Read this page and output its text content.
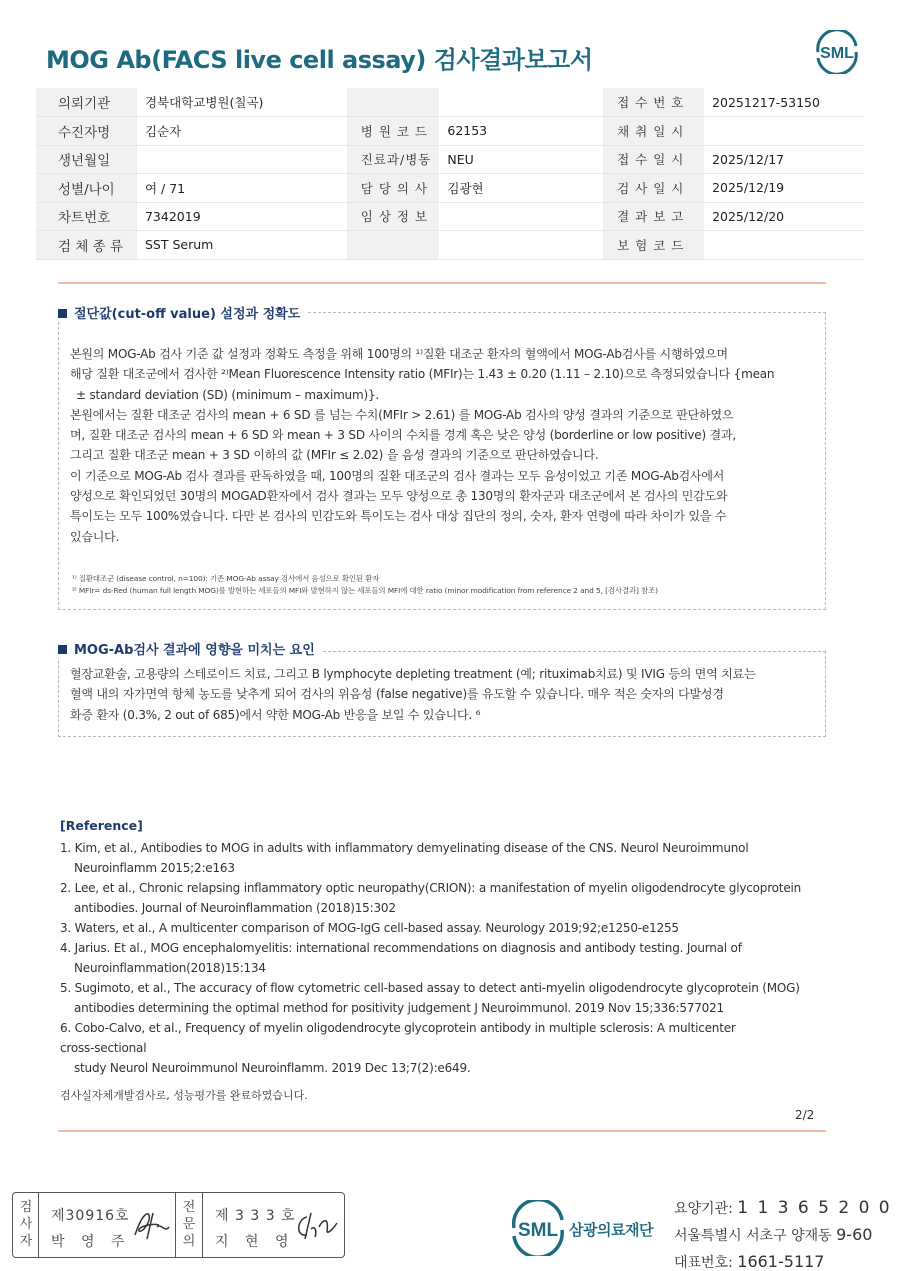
MOG Ab(FACS live cell assay) 검사결과보고서	SML
의뢰기관	경북대학교병원(칠곡)			접 수 번 호	20251217-53150
수진자명	김순자	병 원 코 드	62153	채 취 일 시	
생년월일		진료과/병동	NEU	접 수 일 시	2025/12/17
성별/나이	여 / 71	담 당 의 사	김광현	검 사 일 시	2025/12/19
차트번호	7342019	임 상 정 보		결 과 보 고	2025/12/20
검 체 종 류	SST Serum			보 험 코 드	
절단값(cut-off value) 설정과 정확도
본원의 MOG-Ab 검사 기준 값 설정과 정확도 측정을 위해 100명의 ¹⁾질환 대조군 환자의 혈액에서 MOG-Ab검사를 시행하였으며
해당 질환 대조군에서 검사한 ²⁾Mean Fluorescence Intensity ratio (MFIr)는 1.43 ± 0.20 (1.11 – 2.10)으로 측정되었습니다 {mean
± standard deviation (SD) (minimum – maximum)}.
본원에서는 질환 대조군 검사의 mean + 6 SD 를 넘는 수치(MFIr > 2.61) 를 MOG-Ab 검사의 양성 결과의 기준으로 판단하였으
며, 질환 대조군 검사의 mean + 6 SD 와 mean + 3 SD 사이의 수치를 경계 혹은 낮은 양성 (borderline or low positive) 결과,
그리고 질환 대조군 mean + 3 SD 이하의 값 (MFIr ≤ 2.02) 을 음성 결과의 기준으로 판단하였습니다.
이 기준으로 MOG-Ab 검사 결과를 판독하였을 때, 100명의 질환 대조군의 검사 결과는 모두 음성이었고 기존 MOG-Ab검사에서
양성으로 확인되었던 30명의 MOGAD환자에서 검사 결과는 모두 양성으로 총 130명의 환자군과 대조군에서 본 검사의 민감도와
특이도는 모두 100%였습니다. 다만 본 검사의 민감도와 특이도는 검사 대상 집단의 정의, 숫자, 환자 연령에 따라 차이가 있을 수
있습니다.
¹⁾ 질환대조군 (disease control, n=100): 기존 MOG-Ab assay 검사에서 음성으로 확인된 환자
²⁾ MFIr= ds-Red (human full length MOG)를 발현하는 세포들의 MFI와 발현하지 않는 세포들의 MFI에 대한 ratio (minor modification from reference 2 and 5, [검사결과] 참조)
MOG-Ab검사 결과에 영향을 미치는 요인
혈장교환술, 고용량의 스테로이드 치료, 그리고 B lymphocyte depleting treatment (예; rituximab치료) 및 IVIG 등의 면역 치료는
혈액 내의 자가면역 항체 농도를 낮추게 되어 검사의 위음성 (false negative)를 유도할 수 있습니다. 매우 적은 숫자의 다발성경
화증 환자 (0.3%, 2 out of 685)에서 약한 MOG-Ab 반응을 보일 수 있습니다. ⁶
[Reference]
1. Kim, et al., Antibodies to MOG in adults with inflammatory demyelinating disease of the CNS. Neurol Neuroimmunol
Neuroinflamm 2015;2:e163
2. Lee, et al., Chronic relapsing inflammatory optic neuropathy(CRION): a manifestation of myelin oligodendrocyte glycoprotein
antibodies. Journal of Neuroinflammation (2018)15:302
3. Waters, et al., A multicenter comparison of MOG-IgG cell-based assay. Neurology 2019;92;e1250-e1255
4. Jarius. Et al., MOG encephalomyelitis: international recommendations on diagnosis and antibody testing. Journal of
Neuroinflammation(2018)15:134
5. Sugimoto, et al., The accuracy of flow cytometric cell-based assay to detect anti-myelin oligodendrocyte glycoprotein (MOG)
antibodies determining the optimal method for positivity judgement J Neuroimmunol. 2019 Nov 15;336:577021
6. Cobo-Calvo, et al., Frequency of myelin oligodendrocyte glycoprotein antibody in multiple sclerosis: A multicenter
cross-sectional
study Neurol Neuroimmunol Neuroinflamm. 2019 Dec 13;7(2):e649.
검사실자체개발검사로, 성능평가를 완료하였습니다.
2/2
검
사
자
제30916호
박 영 주
전
문
의
제 3 3 3 호
지 현 영
SML 삼광의료재단
요양기관: 1 1 3 6 5 2 0 0
서울특별시 서초구 양재동 9-60
대표번호: 1661-5117
